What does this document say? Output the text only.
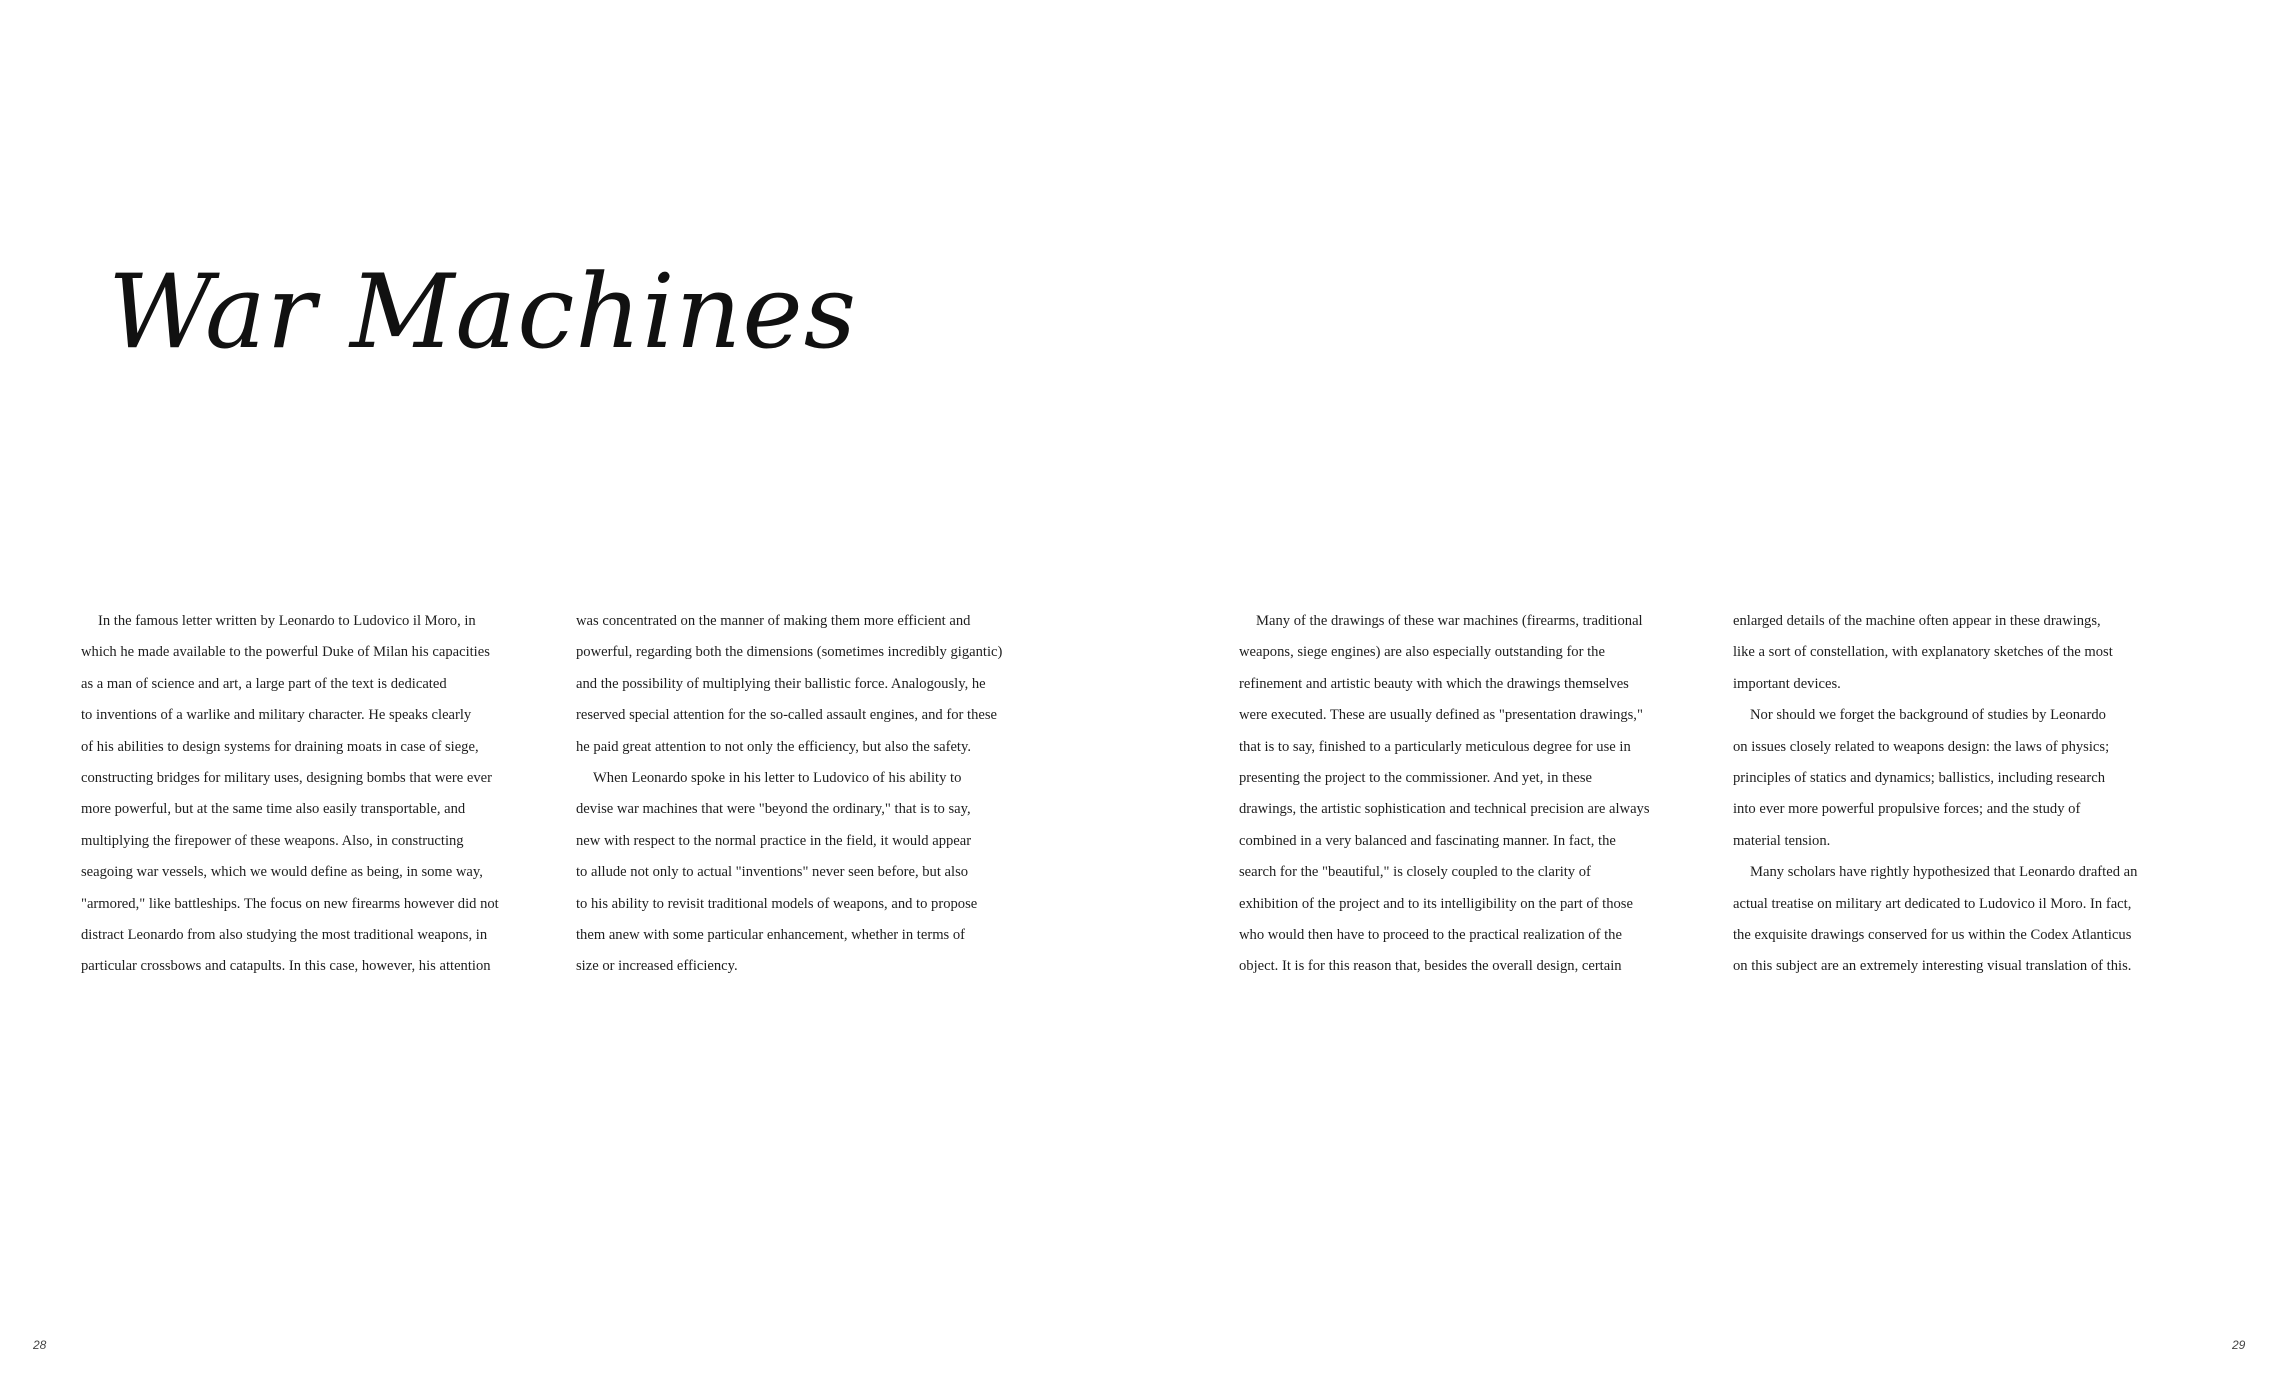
War Machines
In the famous letter written by Leonardo to Ludovico il Moro, in
which he made available to the powerful Duke of Milan his capacities
as a man of science and art, a large part of the text is dedicated
to inventions of a warlike and military character. He speaks clearly
of his abilities to design systems for draining moats in case of siege,
constructing bridges for military uses, designing bombs that were ever
more powerful, but at the same time also easily transportable, and
multiplying the firepower of these weapons. Also, in constructing
seagoing war vessels, which we would define as being, in some way,
"armored," like battleships. The focus on new firearms however did not
distract Leonardo from also studying the most traditional weapons, in
particular crossbows and catapults. In this case, however, his attention
was concentrated on the manner of making them more efficient and
powerful, regarding both the dimensions (sometimes incredibly gigantic)
and the possibility of multiplying their ballistic force. Analogously, he
reserved special attention for the so-called assault engines, and for these
he paid great attention to not only the efficiency, but also the safety.
When Leonardo spoke in his letter to Ludovico of his ability to
devise war machines that were "beyond the ordinary," that is to say,
new with respect to the normal practice in the field, it would appear
to allude not only to actual "inventions" never seen before, but also
to his ability to revisit traditional models of weapons, and to propose
them anew with some particular enhancement, whether in terms of
size or increased efficiency.
Many of the drawings of these war machines (firearms, traditional
weapons, siege engines) are also especially outstanding for the
refinement and artistic beauty with which the drawings themselves
were executed. These are usually defined as "presentation drawings,"
that is to say, finished to a particularly meticulous degree for use in
presenting the project to the commissioner. And yet, in these
drawings, the artistic sophistication and technical precision are always
combined in a very balanced and fascinating manner. In fact, the
search for the "beautiful," is closely coupled to the clarity of
exhibition of the project and to its intelligibility on the part of those
who would then have to proceed to the practical realization of the
object. It is for this reason that, besides the overall design, certain
enlarged details of the machine often appear in these drawings,
like a sort of constellation, with explanatory sketches of the most
important devices.
Nor should we forget the background of studies by Leonardo
on issues closely related to weapons design: the laws of physics;
principles of statics and dynamics; ballistics, including research
into ever more powerful propulsive forces; and the study of
material tension.
Many scholars have rightly hypothesized that Leonardo drafted an
actual treatise on military art dedicated to Ludovico il Moro. In fact,
the exquisite drawings conserved for us within the Codex Atlanticus
on this subject are an extremely interesting visual translation of this.
28	29
